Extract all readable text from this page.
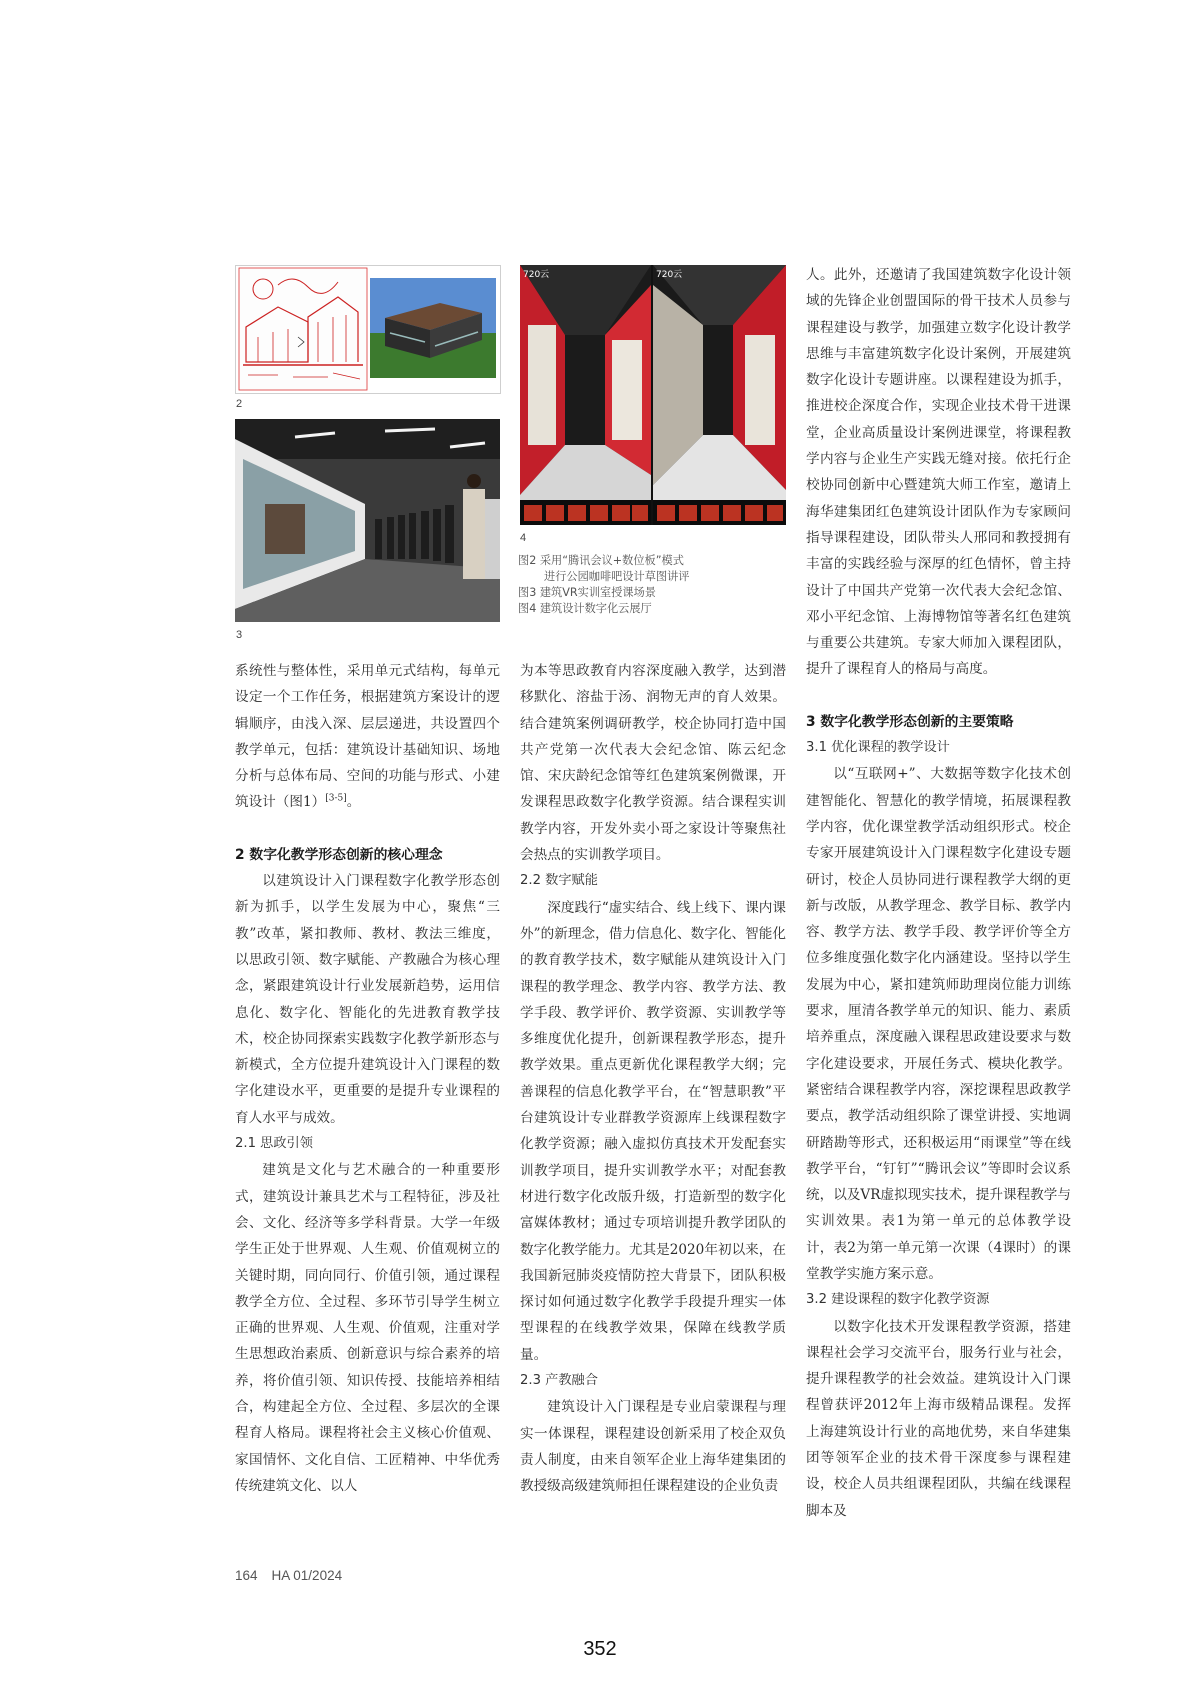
2
3
720云	720云
4
图2 采用“腾讯会议+数位板”模式
进行公园咖啡吧设计草图讲评
图3 建筑VR实训室授课场景
图4 建筑设计数字化云展厅

系统性与整体性，采用单元式结构，每单元设定一个工作任务，根据建筑方案设计的逻辑顺序，由浅入深、层层递进，共设置四个教学单元，包括：建筑设计基础知识、场地分析与总体布局、空间的功能与形式、小建筑设计（图1）[3-5]。

2 数字化教学形态创新的核心理念

以建筑设计入门课程数字化教学形态创新为抓手，以学生发展为中心，聚焦“三教”改革，紧扣教师、教材、教法三维度，以思政引领、数字赋能、产教融合为核心理念，紧跟建筑设计行业发展新趋势，运用信息化、数字化、智能化的先进教育教学技术，校企协同探索实践数字化教学新形态与新模式，全方位提升建筑设计入门课程的数字化建设水平，更重要的是提升专业课程的育人水平与成效。

2.1 思政引领

建筑是文化与艺术融合的一种重要形式，建筑设计兼具艺术与工程特征，涉及社会、文化、经济等多学科背景。大学一年级学生正处于世界观、人生观、价值观树立的关键时期，同向同行、价值引领，通过课程教学全方位、全过程、多环节引导学生树立正确的世界观、人生观、价值观，注重对学生思想政治素质、创新意识与综合素养的培养，将价值引领、知识传授、技能培养相结合，构建起全方位、全过程、多层次的全课程育人格局。课程将社会主义核心价值观、家国情怀、文化自信、工匠精神、中华优秀传统建筑文化、以人

为本等思政教育内容深度融入教学，达到潜移默化、溶盐于汤、润物无声的育人效果。结合建筑案例调研教学，校企协同打造中国共产党第一次代表大会纪念馆、陈云纪念馆、宋庆龄纪念馆等红色建筑案例微课，开发课程思政数字化教学资源。结合课程实训教学内容，开发外卖小哥之家设计等聚焦社会热点的实训教学项目。

2.2 数字赋能

深度践行“虚实结合、线上线下、课内课外”的新理念，借力信息化、数字化、智能化的教育教学技术，数字赋能从建筑设计入门课程的教学理念、教学内容、教学方法、教学手段、教学评价、教学资源、实训教学等多维度优化提升，创新课程教学形态，提升教学效果。重点更新优化课程教学大纲；完善课程的信息化教学平台，在“智慧职教”平台建筑设计专业群教学资源库上线课程数字化教学资源；融入虚拟仿真技术开发配套实训教学项目，提升实训教学水平；对配套教材进行数字化改版升级，打造新型的数字化富媒体教材；通过专项培训提升教学团队的数字化教学能力。尤其是2020年初以来，在我国新冠肺炎疫情防控大背景下，团队积极探讨如何通过数字化教学手段提升理实一体型课程的在线教学效果，保障在线教学质量。

2.3 产教融合

建筑设计入门课程是专业启蒙课程与理实一体课程，课程建设创新采用了校企双负责人制度，由来自领军企业上海华建集团的教授级高级建筑师担任课程建设的企业负责

人。此外，还邀请了我国建筑数字化设计领域的先锋企业创盟国际的骨干技术人员参与课程建设与教学，加强建立数字化设计教学思维与丰富建筑数字化设计案例，开展建筑数字化设计专题讲座。以课程建设为抓手，推进校企深度合作，实现企业技术骨干进课堂，企业高质量设计案例进课堂，将课程教学内容与企业生产实践无缝对接。依托行企校协同创新中心暨建筑大师工作室，邀请上海华建集团红色建筑设计团队作为专家顾问指导课程建设，团队带头人邢同和教授拥有丰富的实践经验与深厚的红色情怀，曾主持设计了中国共产党第一次代表大会纪念馆、邓小平纪念馆、上海博物馆等著名红色建筑与重要公共建筑。专家大师加入课程团队，提升了课程育人的格局与高度。

3 数字化教学形态创新的主要策略
3.1 优化课程的教学设计

以“互联网+”、大数据等数字化技术创建智能化、智慧化的教学情境，拓展课程教学内容，优化课堂教学活动组织形式。校企专家开展建筑设计入门课程数字化建设专题研讨，校企人员协同进行课程教学大纲的更新与改版，从教学理念、教学目标、教学内容、教学方法、教学手段、教学评价等全方位多维度强化数字化内涵建设。坚持以学生发展为中心，紧扣建筑师助理岗位能力训练要求，厘清各教学单元的知识、能力、素质培养重点，深度融入课程思政建设要求与数字化建设要求，开展任务式、模块化教学。紧密结合课程教学内容，深挖课程思政教学要点，教学活动组织除了课堂讲授、实地调研踏勘等形式，还积极运用“雨课堂”等在线教学平台，“钉钉”“腾讯会议”等即时会议系统，以及VR虚拟现实技术，提升课程教学与实训效果。表1为第一单元的总体教学设计，表2为第一单元第一次课（4课时）的课堂教学实施方案示意。

3.2 建设课程的数字化教学资源

以数字化技术开发课程教学资源，搭建课程社会学习交流平台，服务行业与社会，提升课程教学的社会效益。建筑设计入门课程曾获评2012年上海市级精品课程。发挥上海建筑设计行业的高地优势，来自华建集团等领军企业的技术骨干深度参与课程建设，校企人员共组课程团队，共编在线课程脚本及

164 HA 01/2024
352
